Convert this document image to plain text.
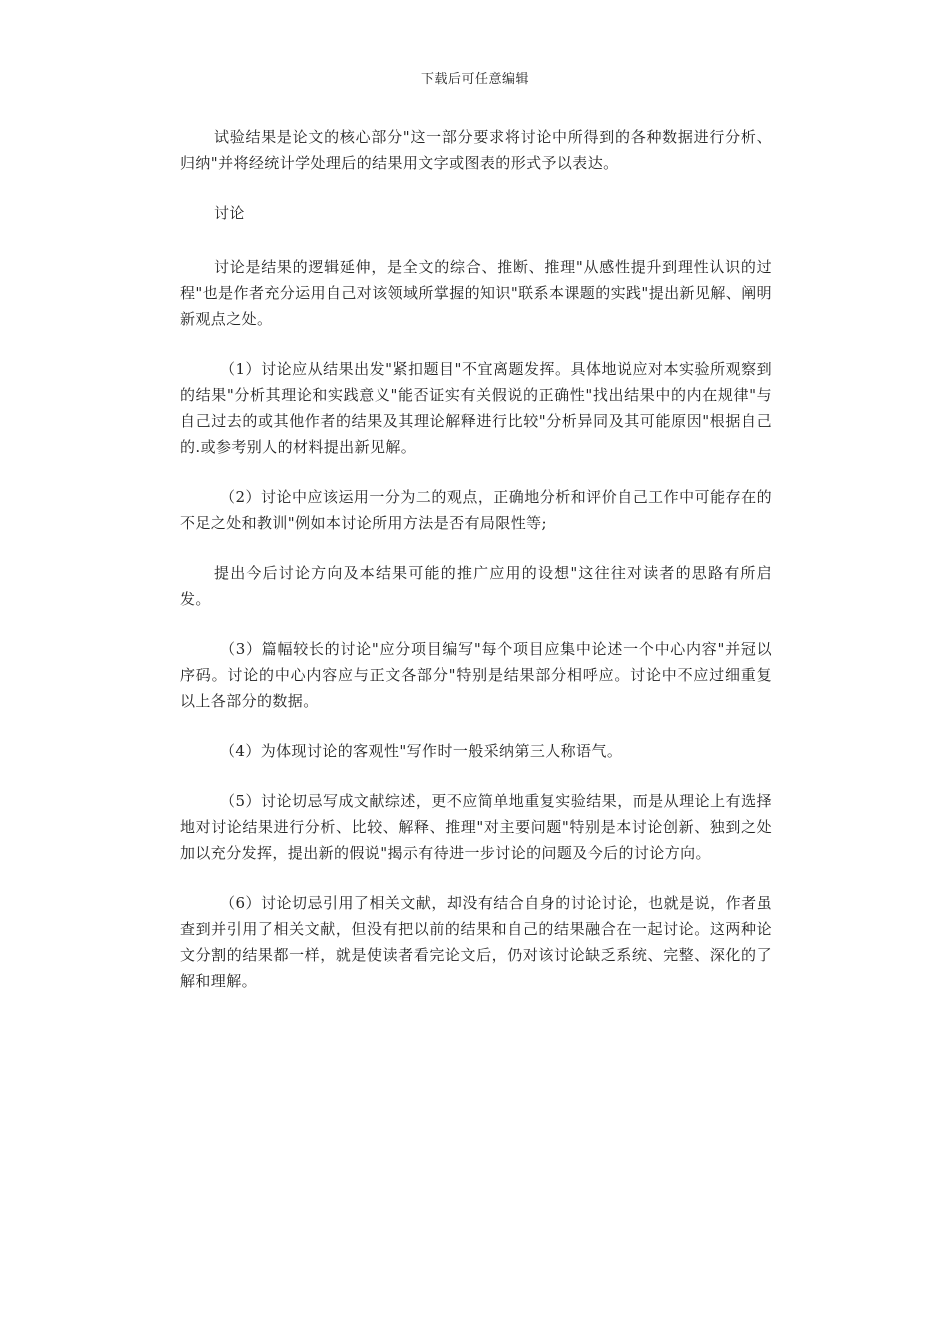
下载后可任意编辑

试验结果是论文的核心部分"这一部分要求将讨论中所得到的各种数据进行分析、归纳"并将经统计学处理后的结果用文字或图表的形式予以表达。

讨论

讨论是结果的逻辑延伸，是全文的综合、推断、推理"从感性提升到理性认识的过程"也是作者充分运用自己对该领域所掌握的知识"联系本课题的实践"提出新见解、阐明新观点之处。

（1）讨论应从结果出发"紧扣题目"不宜离题发挥。具体地说应对本实验所观察到的结果"分析其理论和实践意义"能否证实有关假说的正确性"找出结果中的内在规律"与自己过去的或其他作者的结果及其理论解释进行比较"分析异同及其可能原因"根据自己的.或参考别人的材料提出新见解。

（2）讨论中应该运用一分为二的观点，正确地分析和评价自己工作中可能存在的不足之处和教训"例如本讨论所用方法是否有局限性等;

提出今后讨论方向及本结果可能的推广应用的设想"这往往对读者的思路有所启发。

（3）篇幅较长的讨论"应分项目编写"每个项目应集中论述一个中心内容"并冠以序码。讨论的中心内容应与正文各部分"特别是结果部分相呼应。讨论中不应过细重复以上各部分的数据。

（4）为体现讨论的客观性"写作时一般采纳第三人称语气。

（5）讨论切忌写成文献综述，更不应简单地重复实验结果，而是从理论上有选择地对讨论结果进行分析、比较、解释、推理"对主要问题"特别是本讨论创新、独到之处加以充分发挥，提出新的假说"揭示有待进一步讨论的问题及今后的讨论方向。

（6）讨论切忌引用了相关文献，却没有结合自身的讨论讨论，也就是说，作者虽查到并引用了相关文献，但没有把以前的结果和自己的结果融合在一起讨论。这两种论文分割的结果都一样，就是使读者看完论文后，仍对该讨论缺乏系统、完整、深化的了解和理解。
